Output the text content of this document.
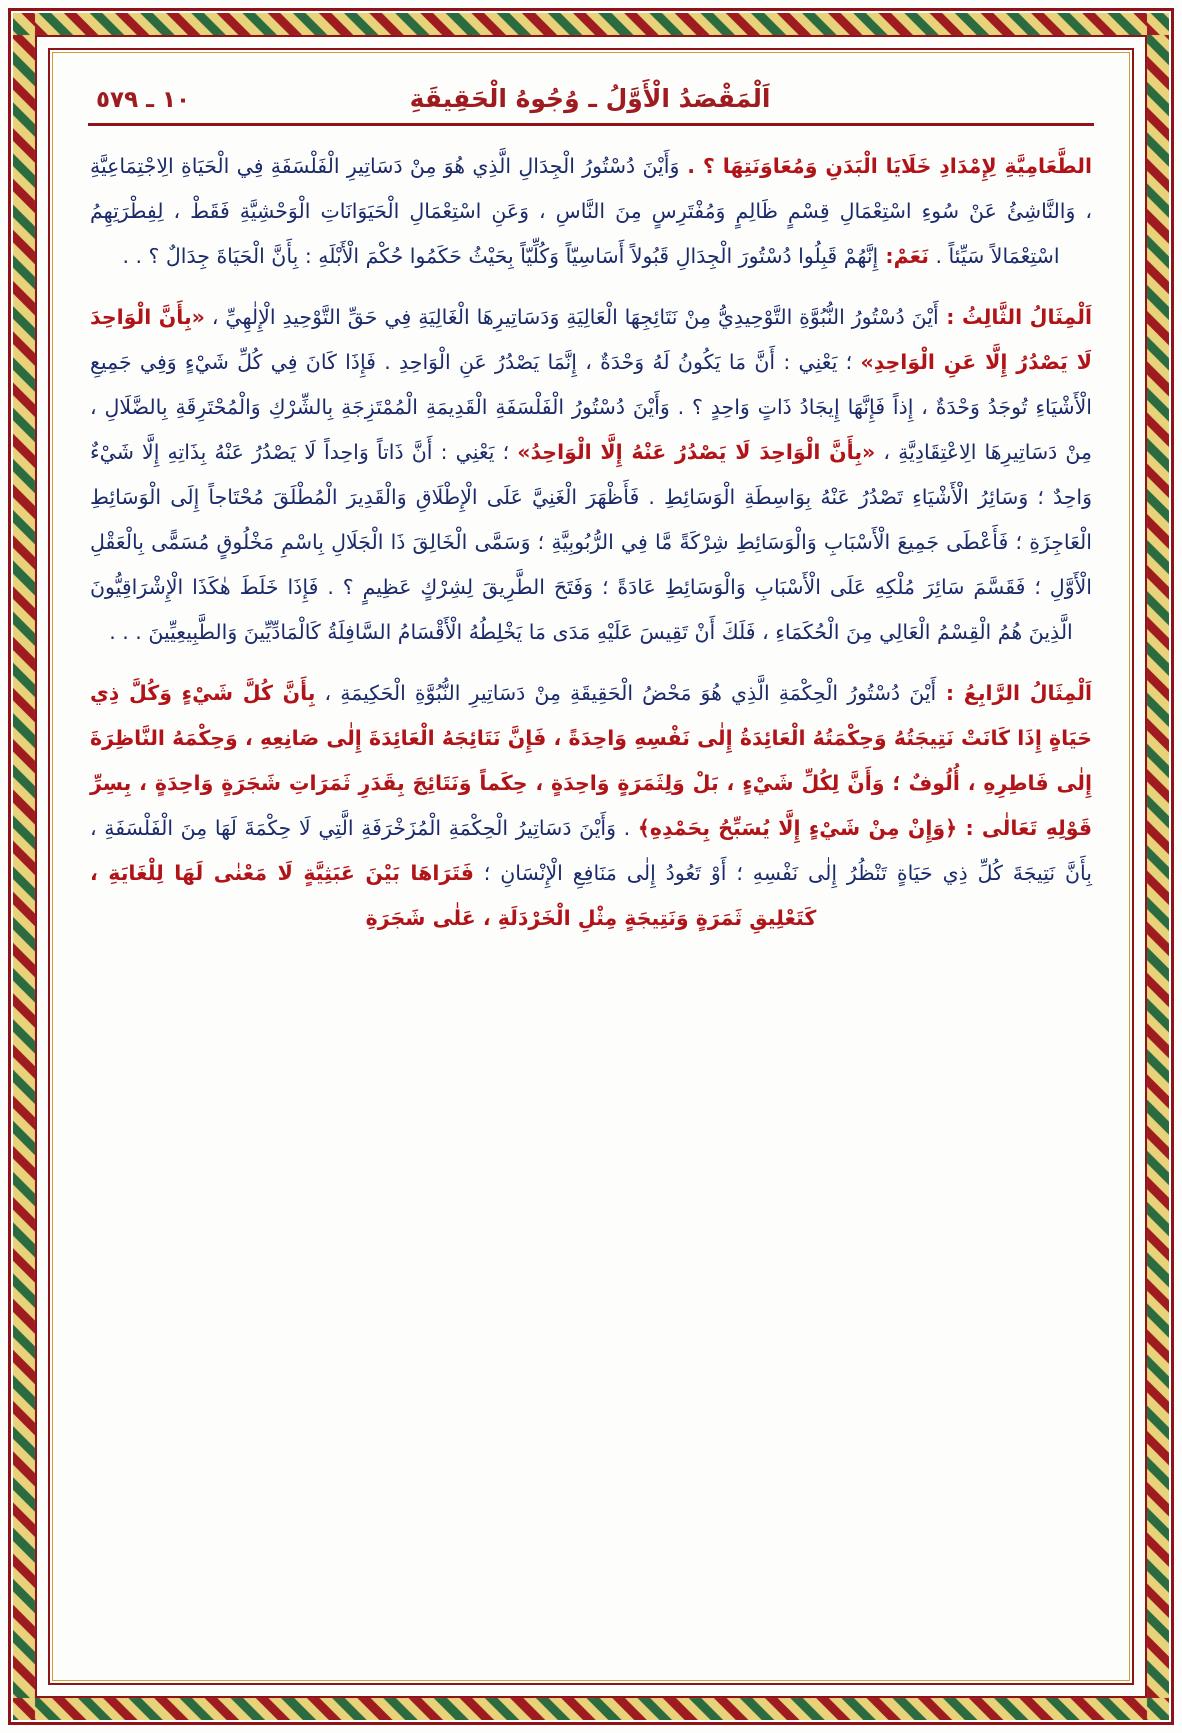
اَلْمَقْصَدُ الْأَوَّلُ ـ وُجُوهُ الْحَقِيقَةِ
١٠ ـ ٥٧٩

الطَّعَامِيَّةِ لِإِمْدَادِ خَلَايَا الْبَدَنِ وَمُعَاوَنَتِهَا ؟ . وَأَيْنَ دُسْتُورُ الْجِدَالِ الَّذِي هُوَ مِنْ دَسَاتِيرِ الْفَلْسَفَةِ فِي الْحَيَاةِ الِاجْتِمَاعِيَّةِ ، وَالنَّاشِئُ عَنْ سُوءِ اسْتِعْمَالِ قِسْمٍ ظَالِمٍ وَمُفْتَرِسٍ مِنَ النَّاسِ ، وَعَنِ اسْتِعْمَالِ الْحَيَوَانَاتِ الْوَحْشِيَّةِ فَقَطْ ، لِفِطْرَتِهِمُ اسْتِعْمَالاً سَيِّئاً . نَعَمْ: إِنَّهُمْ قَبِلُوا دُسْتُورَ الْجِدَالِ قَبُولاً أَسَاسِيّاً وَكُلِّيّاً بِحَيْثُ حَكَمُوا حُكْمَ الْأَبْلَهِ : بِأَنَّ الْحَيَاةَ جِدَالٌ ؟ . .

اَلْمِثَالُ الثَّالِثُ : أَيْنَ دُسْتُورُ النُّبُوَّةِ التَّوْحِيدِيُّ مِنْ نَتَائِجِهَا الْعَالِيَةِ وَدَسَاتِيرِهَا الْغَالِيَةِ فِي حَقِّ التَّوْحِيدِ الْإِلٰهِيِّ ، «بِأَنَّ الْوَاحِدَ لَا يَصْدُرُ إِلَّا عَنِ الْوَاحِدِ» ؛ يَعْنِي : أَنَّ مَا يَكُونُ لَهُ وَحْدَةٌ ، إِنَّمَا يَصْدُرُ عَنِ الْوَاحِدِ . فَإِذَا كَانَ فِي كُلِّ شَيْءٍ وَفِي جَمِيعِ الْأَشْيَاءِ تُوجَدُ وَحْدَةٌ ، إِذاً فَإِنَّهَا إِيجَادُ ذَاتٍ وَاحِدٍ ؟ . وَأَيْنَ دُسْتُورُ الْفَلْسَفَةِ الْقَدِيمَةِ الْمُمْتَزِجَةِ بِالشِّرْكِ وَالْمُحْتَرِقَةِ بِالضَّلَالِ ، مِنْ دَسَاتِيرِهَا الِاعْتِقَادِيَّةِ ، «بِأَنَّ الْوَاحِدَ لَا يَصْدُرُ عَنْهُ إِلَّا الْوَاحِدُ» ؛ يَعْنِي : أَنَّ ذَاتاً وَاحِداً لَا يَصْدُرُ عَنْهُ بِذَاتِهِ إِلَّا شَيْءٌ وَاحِدٌ ؛ وَسَائِرُ الْأَشْيَاءِ تَصْدُرُ عَنْهُ بِوَاسِطَةِ الْوَسَائِطِ . فَأَظْهَرَ الْغَنِيَّ عَلَى الْإِطْلَاقِ وَالْقَدِيرَ الْمُطْلَقَ مُحْتَاجاً إِلَى الْوَسَائِطِ الْعَاجِزَةِ ؛ فَأَعْطَى جَمِيعَ الْأَسْبَابِ وَالْوَسَائِطِ شِرْكَةً مَّا فِي الرُّبُوبِيَّةِ ؛ وَسَمَّى الْخَالِقَ ذَا الْجَلَالِ بِاسْمِ مَخْلُوقٍ مُسَمًّى بِالْعَقْلِ الْأَوَّلِ ؛ فَقَسَّمَ سَائِرَ مُلْكِهِ عَلَى الْأَسْبَابِ وَالْوَسَائِطِ عَادَةً ؛ وَفَتَحَ الطَّرِيقَ لِشِرْكٍ عَظِيمٍ ؟ . فَإِذَا خَلَطَ هٰكَذَا الْإِشْرَاقِيُّونَ الَّذِينَ هُمُ الْقِسْمُ الْعَالِي مِنَ الْحُكَمَاءِ ، فَلَكَ أَنْ تَقِيسَ عَلَيْهِ مَدَى مَا يَخْلِطُهُ الْأَقْسَامُ السَّافِلَةُ كَالْمَادِّيِّينَ وَالطَّبِيعِيِّينَ . . .

اَلْمِثَالُ الرَّابِعُ : أَيْنَ دُسْتُورُ الْحِكْمَةِ الَّذِي هُوَ مَحْضُ الْحَقِيقَةِ مِنْ دَسَاتِيرِ النُّبُوَّةِ الْحَكِيمَةِ ، بِأَنَّ كُلَّ شَيْءٍ وَكُلَّ ذِي حَيَاةٍ إِذَا كَانَتْ نَتِيجَتُهُ وَحِكْمَتُهُ الْعَائِدَةُ إِلٰى نَفْسِهِ وَاحِدَةً ، فَإِنَّ نَتَائِجَهُ الْعَائِدَةَ إِلٰى صَانِعِهِ ، وَحِكْمَهُ النَّاظِرَةَ إِلٰى فَاطِرِهِ ، أُلُوفٌ ؛ وَأَنَّ لِكُلِّ شَيْءٍ ، بَلْ وَلِثَمَرَةٍ وَاحِدَةٍ ، حِكَماً وَنَتَائِجَ بِقَدَرِ ثَمَرَاتِ شَجَرَةٍ وَاحِدَةٍ ، بِسِرِّ قَوْلِهِ تَعَالٰى : ﴿وَإِنْ مِنْ شَيْءٍ إِلَّا يُسَبِّحُ بِحَمْدِهِ﴾ . وَأَيْنَ دَسَاتِيرُ الْحِكْمَةِ الْمُزَخْرَفَةِ الَّتِي لَا حِكْمَةَ لَهَا مِنَ الْفَلْسَفَةِ ، بِأَنَّ نَتِيجَةَ كُلِّ ذِي حَيَاةٍ تَنْظُرُ إِلٰى نَفْسِهِ ؛ أَوْ تَعُودُ إِلٰى مَنَافِعِ الْإِنْسَانِ ؛ فَتَرَاهَا بَيْنَ عَبَثِيَّةٍ لَا مَعْنٰى لَهَا لِلْغَايَةِ ، كَتَعْلِيقِ ثَمَرَةٍ وَنَتِيجَةٍ مِثْلِ الْخَرْدَلَةِ ، عَلٰى شَجَرَةِ
